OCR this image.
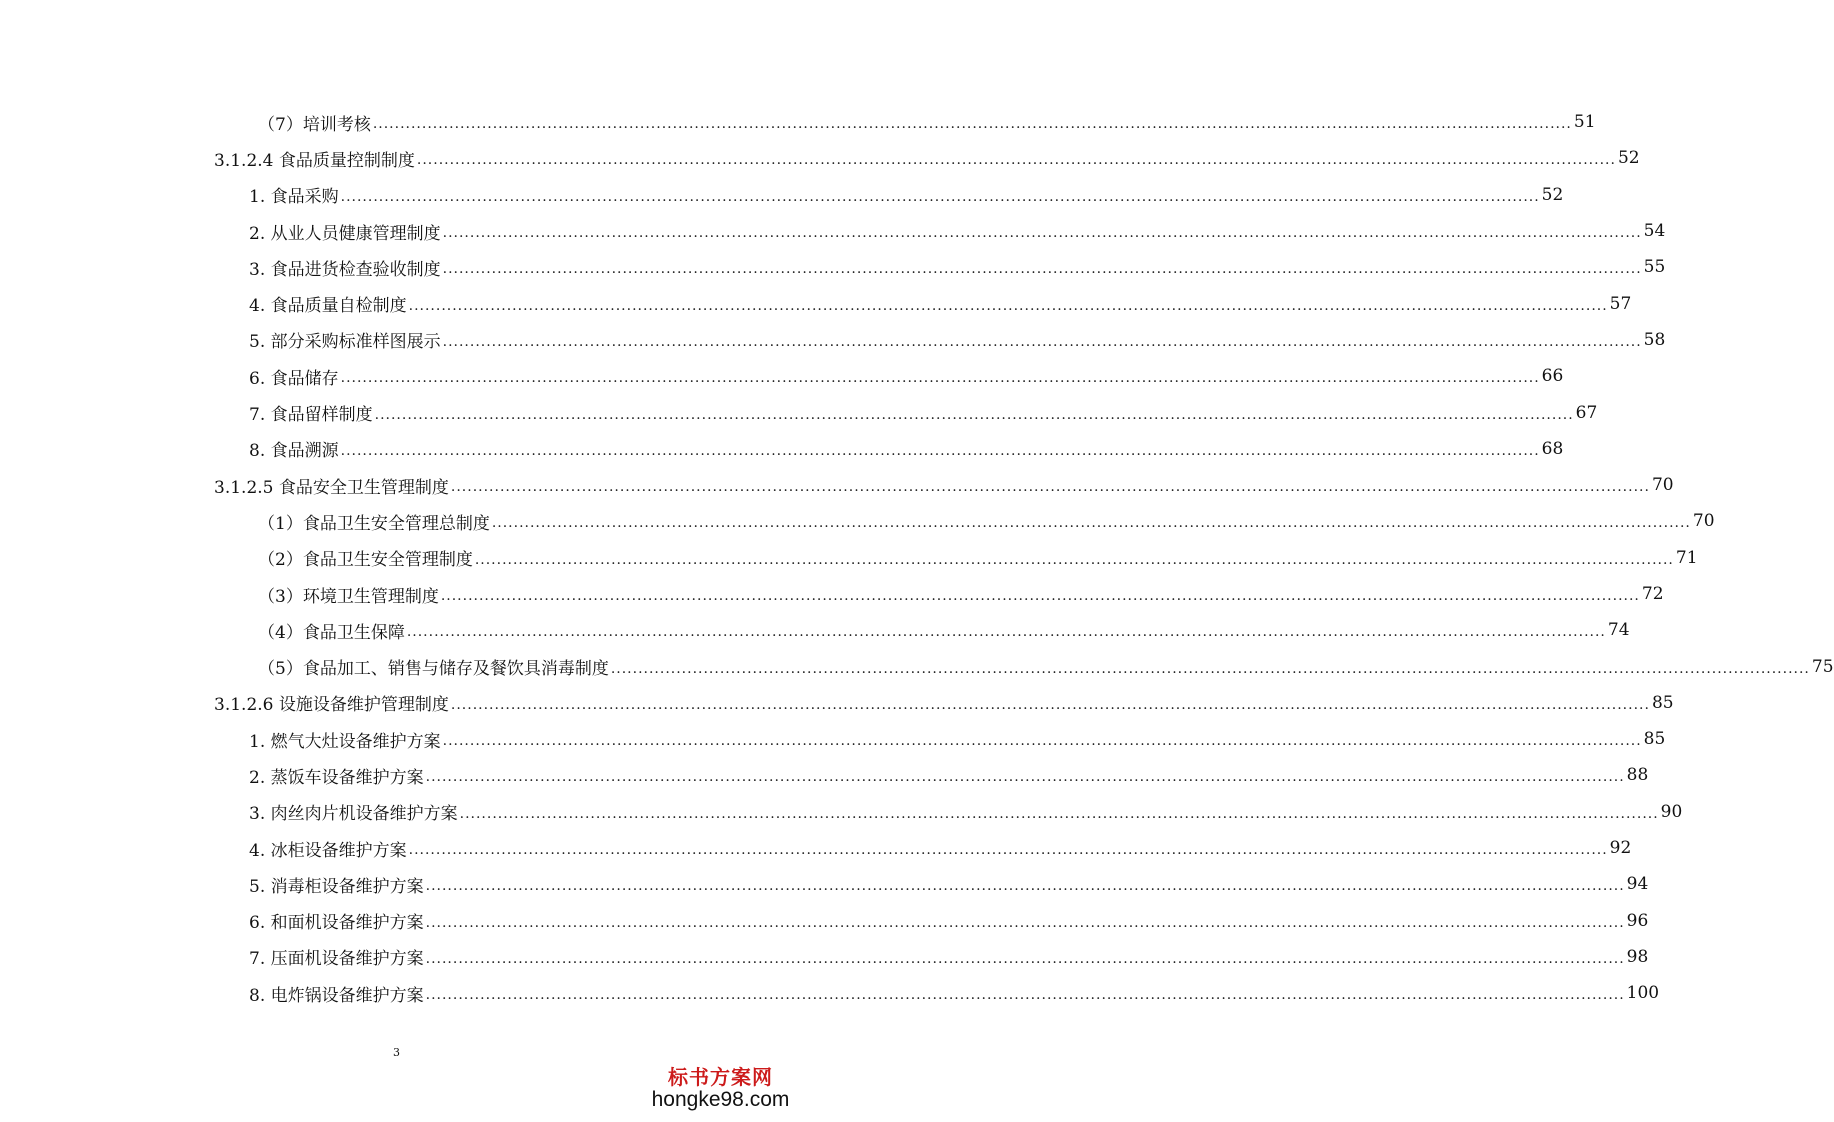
（7）培训考核 ............................................................................................................................................................................................................................ 51
3.1.2.4 食品质量控制制度 ............................................................................................................................................................................................................................ 52
1. 食品采购 ............................................................................................................................................................................................................................ 52
2. 从业人员健康管理制度 ............................................................................................................................................................................................................................ 54
3. 食品进货检查验收制度 ............................................................................................................................................................................................................................ 55
4. 食品质量自检制度 ............................................................................................................................................................................................................................ 57
5. 部分采购标准样图展示 ............................................................................................................................................................................................................................ 58
6. 食品储存 ............................................................................................................................................................................................................................ 66
7. 食品留样制度 ............................................................................................................................................................................................................................ 67
8. 食品溯源 ............................................................................................................................................................................................................................ 68
3.1.2.5 食品安全卫生管理制度 ............................................................................................................................................................................................................................ 70
（1）食品卫生安全管理总制度 ............................................................................................................................................................................................................................ 70
（2）食品卫生安全管理制度 ............................................................................................................................................................................................................................ 71
（3）环境卫生管理制度 ............................................................................................................................................................................................................................ 72
（4）食品卫生保障 ............................................................................................................................................................................................................................ 74
（5）食品加工、销售与储存及餐饮具消毒制度 ............................................................................................................................................................................................................................ 75
3.1.2.6 设施设备维护管理制度 ............................................................................................................................................................................................................................ 85
1. 燃气大灶设备维护方案 ............................................................................................................................................................................................................................ 85
2. 蒸饭车设备维护方案 ............................................................................................................................................................................................................................ 88
3. 肉丝肉片机设备维护方案 ............................................................................................................................................................................................................................ 90
4. 冰柜设备维护方案 ............................................................................................................................................................................................................................ 92
5. 消毒柜设备维护方案 ............................................................................................................................................................................................................................ 94
6. 和面机设备维护方案 ............................................................................................................................................................................................................................ 96
7. 压面机设备维护方案 ............................................................................................................................................................................................................................ 98
8. 电炸锅设备维护方案 ............................................................................................................................................................................................................................ 100
3
标书方案网
hongke98.com
